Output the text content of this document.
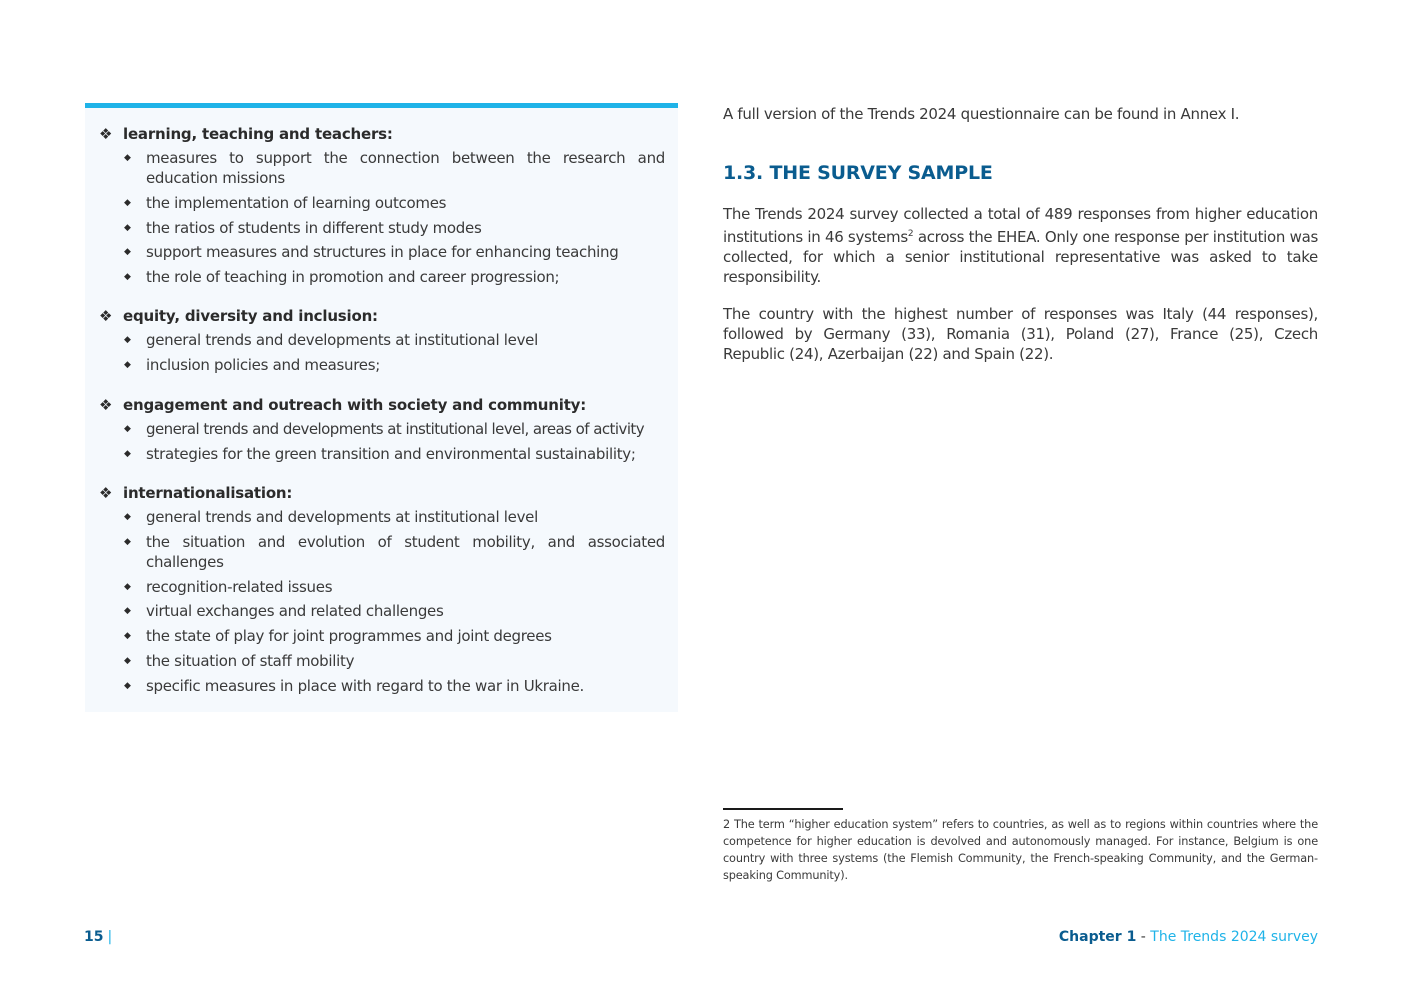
❖ learning, teaching and teachers:
◆ measures to support the connection between the research and education missions
◆ the implementation of learning outcomes
◆ the ratios of students in different study modes
◆ support measures and structures in place for enhancing teaching
◆ the role of teaching in promotion and career progression;
❖ equity, diversity and inclusion:
◆ general trends and developments at institutional level
◆ inclusion policies and measures;
❖ engagement and outreach with society and community:
◆ general trends and developments at institutional level, areas of activity
◆ strategies for the green transition and environmental sustainability;
❖ internationalisation:
◆ general trends and developments at institutional level
◆ the situation and evolution of student mobility, and associated challenges
◆ recognition-related issues
◆ virtual exchanges and related challenges
◆ the state of play for joint programmes and joint degrees
◆ the situation of staff mobility
◆ specific measures in place with regard to the war in Ukraine.

A full version of the Trends 2024 questionnaire can be found in Annex I.

1.3. THE SURVEY SAMPLE

The Trends 2024 survey collected a total of 489 responses from higher education institutions in 46 systems$^2$ across the EHEA. Only one response per institution was collected, for which a senior institutional representative was asked to take responsibility.

The country with the highest number of responses was Italy (44 responses), followed by Germany (33), Romania (31), Poland (27), France (25), Czech Republic (24), Azerbaijan (22) and Spain (22).

2 The term “higher education system” refers to countries, as well as to regions within countries where the competence for higher education is devolved and autonomously managed. For instance, Belgium is one country with three systems (the Flemish Community, the French-speaking Community, and the German-speaking Community).
15 |	Chapter 1 - The Trends 2024 survey
